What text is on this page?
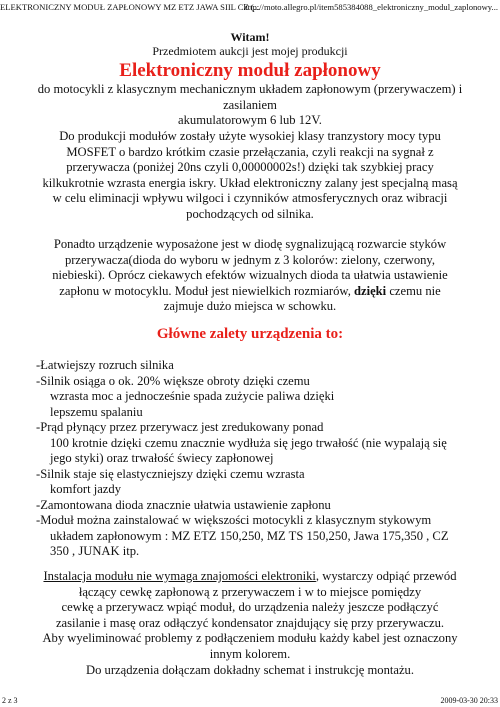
ELEKTRONICZNY MODUŁ ZAPŁONOWY MZ ETZ JAWA SIIL CZ (...
http://moto.allegro.pl/item585384088_elektroniczny_modul_zaplonowy...
Witam!
Przedmiotem aukcji jest mojej produkcji
Elektroniczny moduł zapłonowy
do motocykli z klasycznym mechanicznym układem zapłonowym (przerywaczem) i
zasilaniem
akumulatorowym 6 lub 12V.
Do produkcji modułów zostały użyte wysokiej klasy tranzystory mocy typu
MOSFET o bardzo krótkim czasie przełączania, czyli reakcji na sygnał z
przerywacza (poniżej 20ns czyli 0,00000002s!) dzięki tak szybkiej pracy
kilkukrotnie wzrasta energia iskry. Układ elektroniczny zalany jest specjalną masą
w celu eliminacji wpływu wilgoci i czynników atmosferycznych oraz wibracji
pochodzących od silnika.
Ponadto urządzenie wyposażone jest w diodę sygnalizującą rozwarcie styków
przerywacza(dioda do wyboru w jednym z 3 kolorów: zielony, czerwony,
niebieski). Oprócz ciekawych efektów wizualnych dioda ta ułatwia ustawienie
zapłonu w motocyklu. Moduł jest niewielkich rozmiarów, dzięki czemu nie
zajmuje dużo miejsca w schowku.
Główne zalety urządzenia to:
-Łatwiejszy rozruch silnika
-Silnik osiąga o ok. 20% większe obroty dzięki czemu
wzrasta moc a jednocześnie spada zużycie paliwa dzięki
lepszemu spalaniu
-Prąd płynący przez przerywacz jest zredukowany ponad
100 krotnie dzięki czemu znacznie wydłuża się jego trwałość (nie wypalają się
jego styki) oraz trwałość świecy zapłonowej
-Silnik staje się elastyczniejszy dzięki czemu wzrasta
komfort jazdy
-Zamontowana dioda znacznie ułatwia ustawienie zapłonu
-Moduł można zainstalować w większości motocykli z klasycznym stykowym
układem zapłonowym : MZ ETZ 150,250, MZ TS 150,250, Jawa 175,350 , CZ
350 , JUNAK itp.
Instalacja modułu nie wymaga znajomości elektroniki, wystarczy odpiąć przewód
łączący cewkę zapłonową z przerywaczem i w to miejsce pomiędzy
cewkę a przerywacz wpiąć moduł, do urządzenia należy jeszcze podłączyć
zasilanie i masę oraz odłączyć kondensator znajdujący się przy przerywaczu.
Aby wyeliminować problemy z podłączeniem modułu każdy kabel jest oznaczony
innym kolorem.
Do urządzenia dołączam dokładny schemat i instrukcję montażu.
2 z 3	2009-03-30 20:33
